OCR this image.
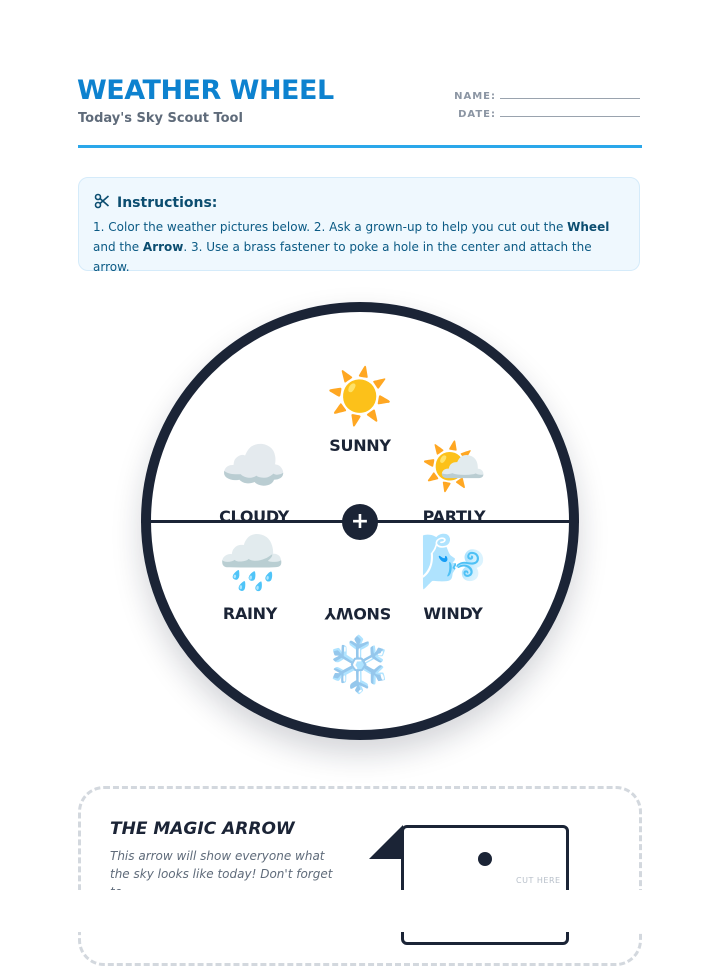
WEATHER WHEEL
Today's Sky Scout Tool
NAME:
DATE:
Instructions:
1. Color the weather pictures below. 2. Ask a grown-up to help you cut out the Wheel and the Arrow. 3. Use a brass fastener to poke a hole in the center and attach the arrow.
☀️
SUNNY 🌤️
PARTLY
☁️
CLOUDY
🌧️
RAINY
🌬️
WINDY
SNOWY
❄️
+
THE MAGIC ARROW
This arrow will show everyone what the sky looks like today! Don't forget	CUT HERE
